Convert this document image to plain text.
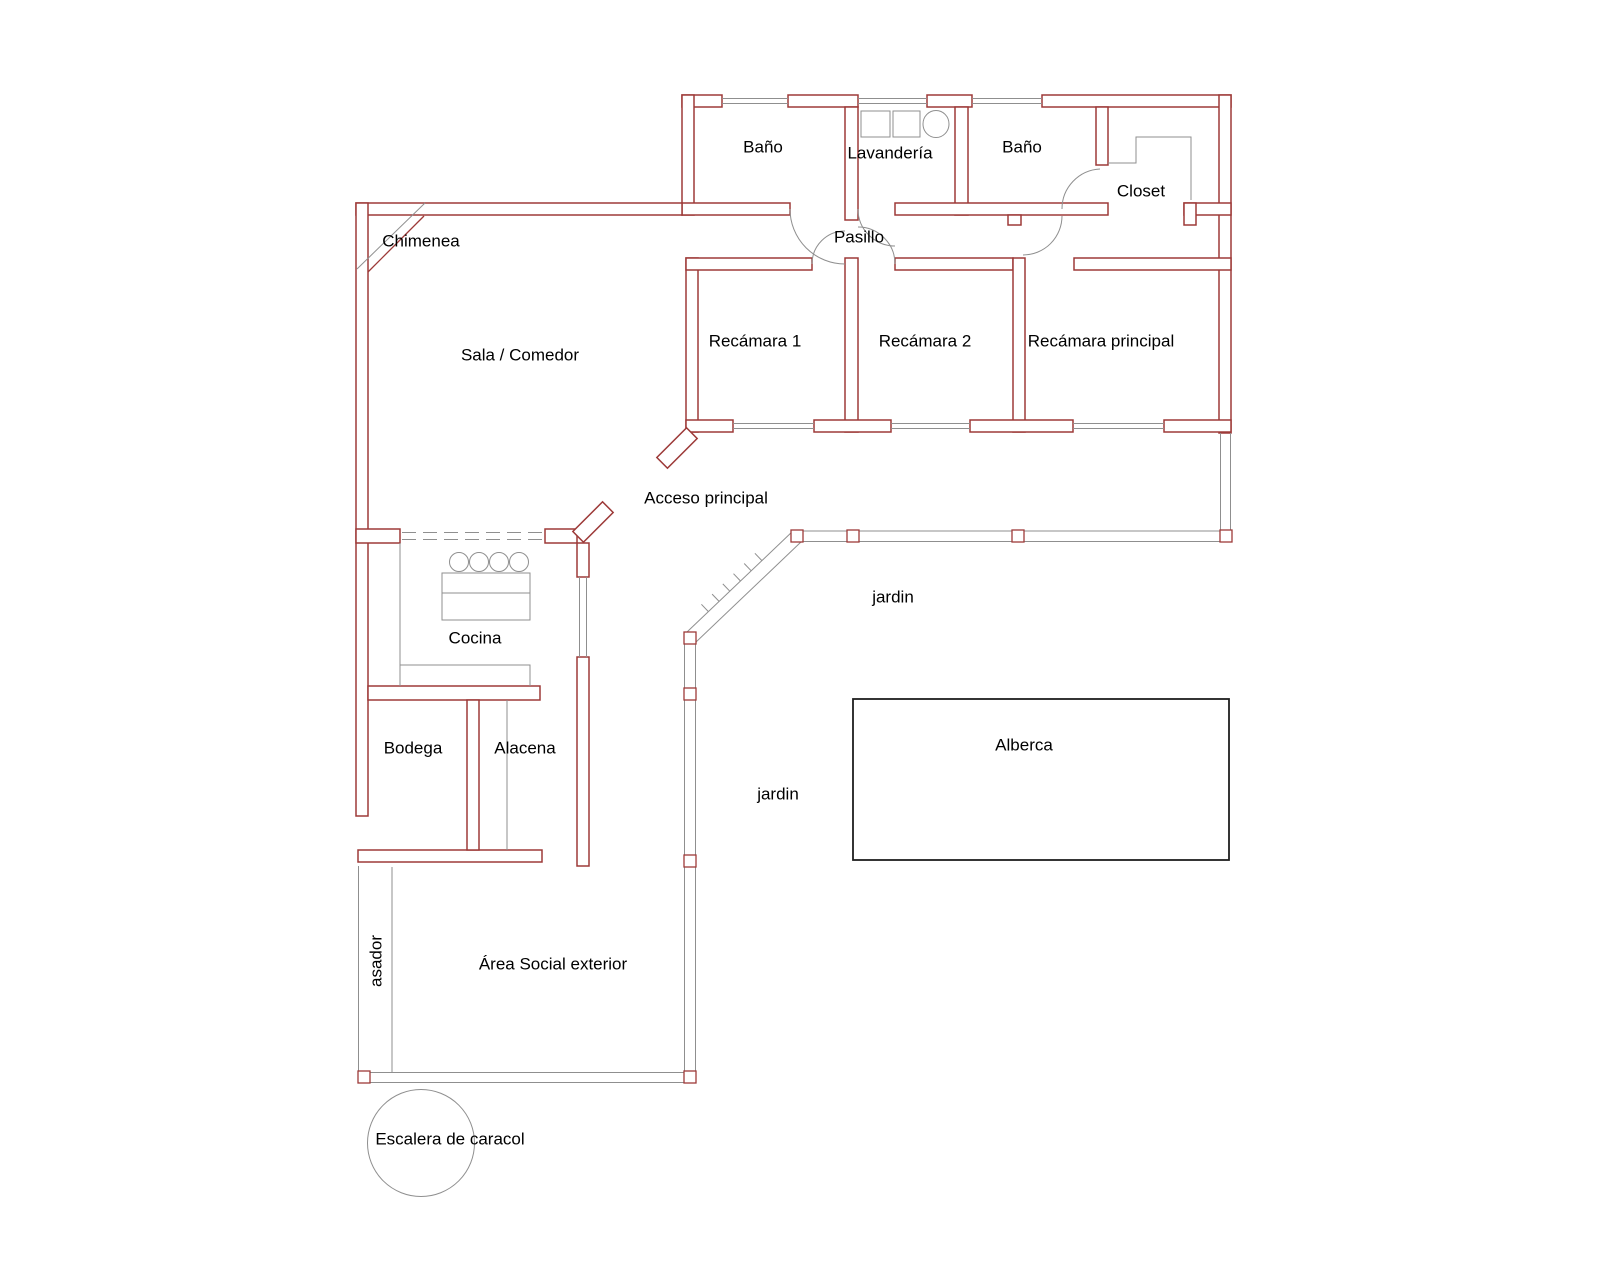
Baño	Lavandería	Baño
Closet
Chimenea	Pasillo
Sala / Comedor
Recámara 1	Recámara 2	Recámara principal
Acceso principal
jardin
Cocina
Alberca
Bodega	Alacena
jardin
asador	Área Social exterior
Escalera de caracol
